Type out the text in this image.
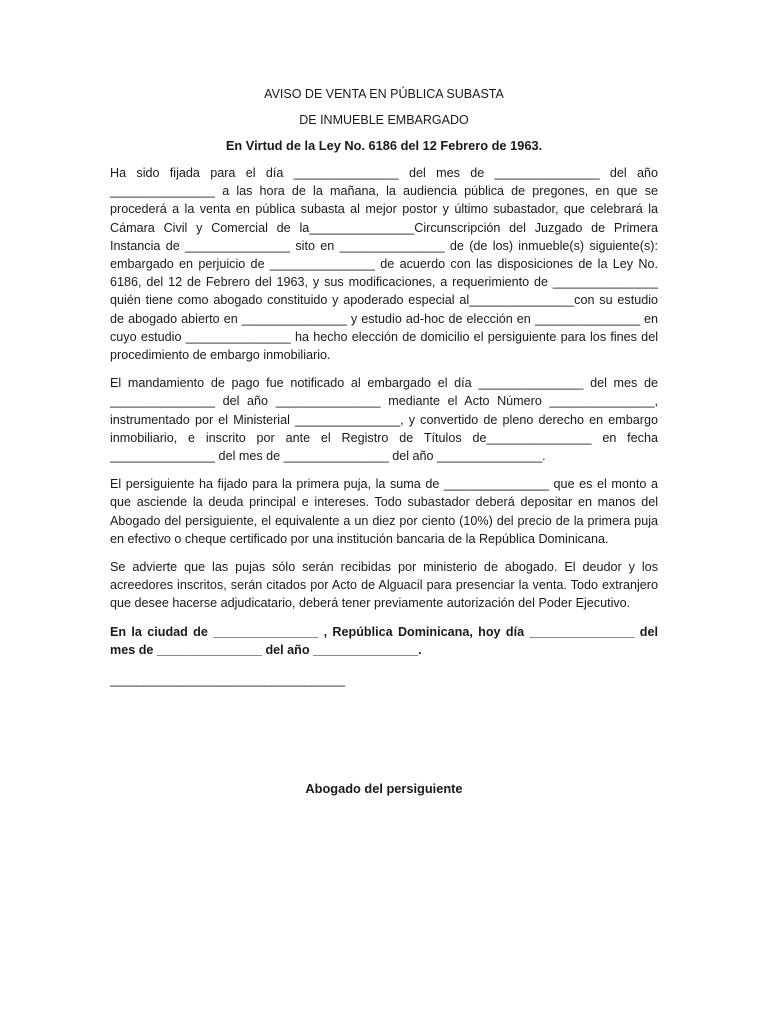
AVISO DE VENTA EN PÚBLICA SUBASTA

DE INMUEBLE EMBARGADO

En Virtud de la Ley No. 6186 del 12 Febrero de 1963.

Ha sido fijada para el día _______________ del mes de _______________ del año _______________ a las hora de la mañana, la audiencia pública de pregones, en que se procederá a la venta en pública subasta al mejor postor y último subastador, que celebrará la Cámara Civil y Comercial de la_______________Circunscripción del Juzgado de Primera Instancia de _______________ sito en _______________ de (de los) inmueble(s) siguiente(s): embargado en perjuicio de _______________ de acuerdo con las disposiciones de la Ley No. 6186, del 12 de Febrero del 1963, y sus modificaciones, a requerimiento de _______________ quién tiene como abogado constituido y apoderado especial al_______________con su estudio de abogado abierto en _______________ y estudio ad-hoc de elección en _______________ en cuyo estudio _______________ ha hecho elección de domicilio el persiguiente para los fines del procedimiento de embargo inmobiliario.

El mandamiento de pago fue notificado al embargado el día _______________ del mes de _______________ del año _______________ mediante el Acto Número _______________, instrumentado por el Ministerial _______________, y convertido de pleno derecho en embargo inmobiliario, e inscrito por ante el Registro de Títulos de_______________ en fecha _______________ del mes de _______________ del año _______________.

El persiguiente ha fijado para la primera puja, la suma de _______________ que es el monto a que asciende la deuda principal e intereses. Todo subastador deberá depositar en manos del Abogado del persiguiente, el equivalente a un diez por ciento (10%) del precio de la primera puja en efectivo o cheque certificado por una institución bancaria de la República Dominicana.

Se advierte que las pujas sólo serán recibidas por ministerio de abogado. El deudor y los acreedores inscritos, serán citados por Acto de Alguacil para presenciar la venta. Todo extranjero que desee hacerse adjudicatario, deberá tener previamente autorización del Poder Ejecutivo.

En la ciudad de _______________ , República Dominicana, hoy día _______________ del mes de _______________ del año _______________.

___________________________________
Abogado del persiguiente
